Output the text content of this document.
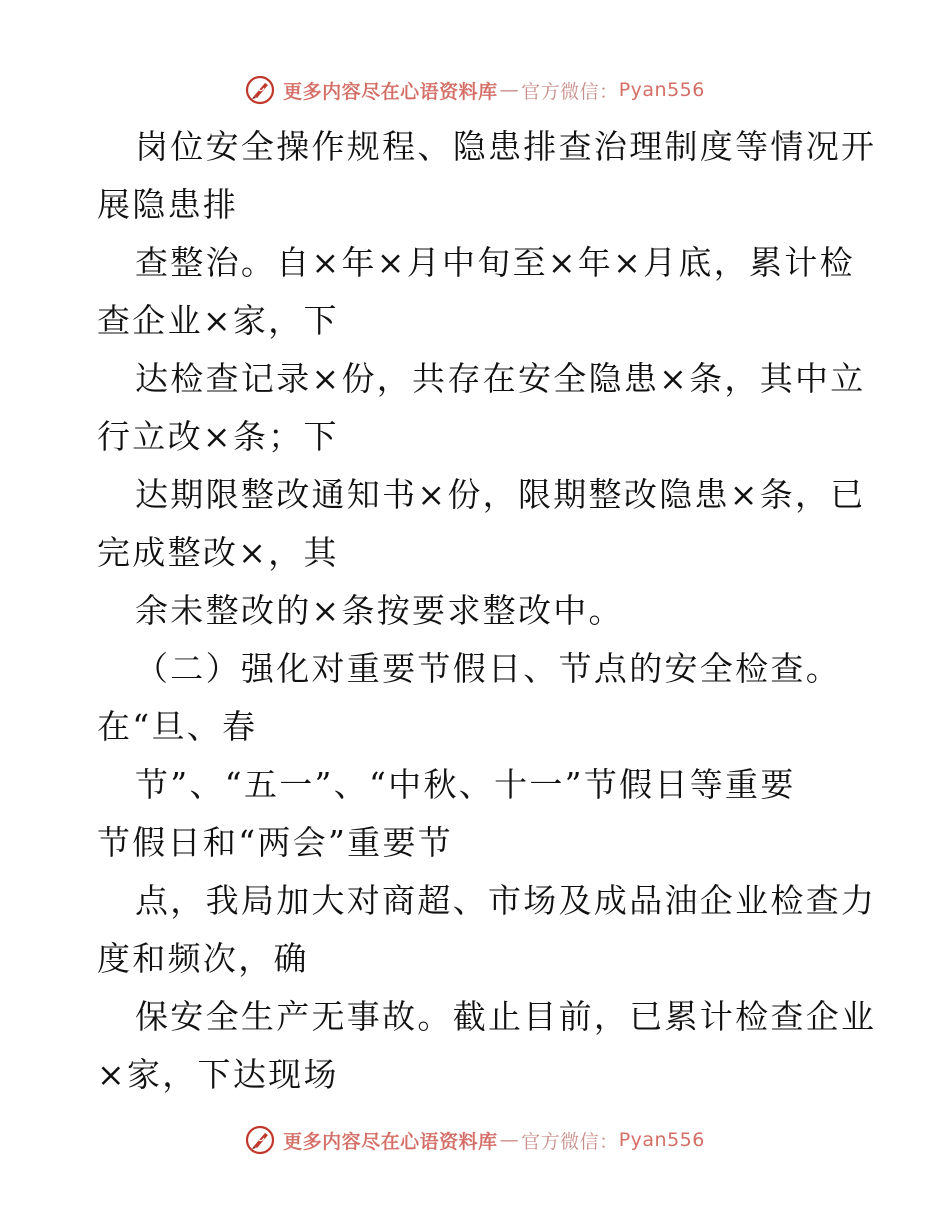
更多内容尽在心语资料库 — 官方微信： Pyan556
岗位安全操作规程、隐患排查治理制度等情况开
展隐患排
查整治。自×年×月中旬至×年×月底，累计检
查企业×家，下
达检查记录×份，共存在安全隐患×条，其中立
行立改×条；下
达期限整改通知书×份，限期整改隐患×条，已
完成整改×，其
余未整改的×条按要求整改中。
（二）强化对重要节假日、节点的安全检查。
在“旦、春
节”、“五一”、“中秋、十一”节假日等重要
节假日和“两会”重要节
点，我局加大对商超、市场及成品油企业检查力
度和频次，确
保安全生产无事故。截止目前，已累计检查企业
×家，下达现场
更多内容尽在心语资料库 — 官方微信： Pyan556
